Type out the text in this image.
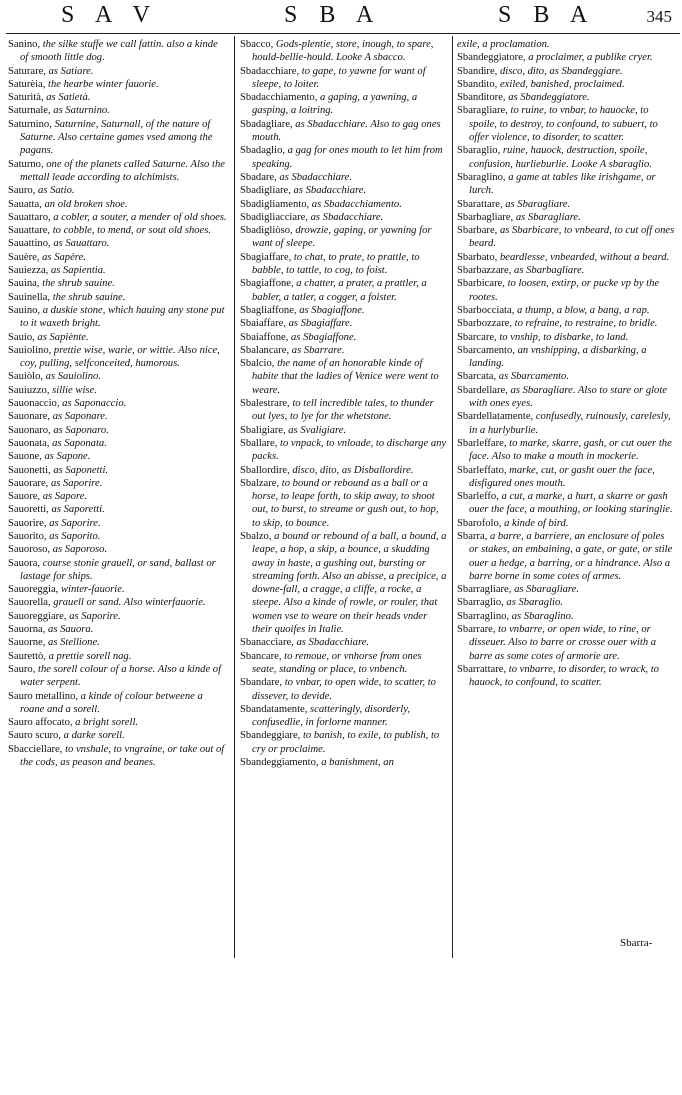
S A V	S B A	S B A	345
Sanino, the silke stuffe we call fattin. also a kinde of smooth little dog.
Saturare, as Satiare.
Saturèia, the hearbe winter fauorie.
Saturità, as Satietà.
Saturnale, as Saturnino.
Saturnino, Saturnine, Saturnall, of the nature of Saturne. Also certaine games vsed among the pagans.
Saturno, one of the planets called Saturne. Also the mettall leade according to alchimists.
Sauro, as Satio.
Sauatta, an old broken shoe.
Sauattaro, a cobler, a souter, a mender of old shoes.
Sauattare, to cobble, to mend, or sout old shoes.
Sauattino, as Sauattaro.
Sauère, as Sapère.
Sauiezza, as Sapientia.
Sauina, the shrub sauine.
Sauinella, the shrub sauine.
Sauino, a duskie stone, which hauing any stone put to it waxeth bright.
Sauio, as Sapiènte.
Sauiolino, prettie wise, warie, or wittie. Also nice, coy, pulling, selfconceited, humorous.
Sauiòlo, as Sauiolino.
Sauiuzzo, sillie wise.
Sauonaccio, as Saponaccio.
Sauonare, as Saponare.
Sauonaro, as Saponaro.
Sauonata, as Saponata.
Sauone, as Sapone.
Sauonetti, as Saponetti.
Sauorare, as Saporire.
Sauore, as Sapore.
Sauoretti, as Saporetti.
Sauorire, as Saporire.
Sauorito, as Saporito.
Sauoroso, as Saporoso.
Sauora, course stonie grauell, or sand, ballast or lastage for ships.
Sauoreggia, winter-fauorie.
Sauorella, grauell or sand. Also winterfauorie.
Sauoreggiare, as Saporire.
Sauorna, as Sauora.
Sauorne, as Stellione.
Saurettò, a prettie sorell nag.
Sauro, the sorell colour of a horse. Also a kinde of water serpent.
Sauro metallino, a kinde of colour betweene a roane and a sorell.
Sauro affocato, a bright sorell.
Sauro scuro, a darke sorell.
Sbacciellare, to vnshale, to vngraine, or take out of the cods, as peason and beanes.
Sbacco, Gods-plentie, store, inough, to spare, hould-bellie-hould. Looke A sbacco.
Sbadacchiare, to gape, to yawne for want of sleepe, to loiter.
Sbadacchiamento, a gaping, a yawning, a gasping, a loitring.
Sbadagliare, as Sbadacchiare. Also to gag ones mouth.
Sbadaglio, a gag for ones mouth to let him from speaking.
Sbadare, as Sbadacchiare.
Sbadigliare, as Sbadacchiare.
Sbadigliamento, as Sbadacchiamento.
Sbadigliacciare, as Sbadacchiare.
Sbadigliòso, drowzie, gaping, or yawning for want of sleepe.
Sbagiaffare, to chat, to prate, to prattle, to babble, to tattle, to cog, to foist.
Sbagiaffone, a chatter, a prater, a prattler, a babler, a tatler, a cogger, a foister.
Sbagliaffone, as Sbagiaffone.
Sbaiaffare, as Sbagiaffare.
Sbaiaffone, as Sbagiaffone.
Sbalancare, as Sbarrare.
Sbalcio, the name of an honorable kinde of habite that the ladies of Venice were went to weare.
Sbalestrare, to tell incredible tales, to thunder out lyes, to lye for the whetstone.
Sbaligiare, as Svaligiare.
Sballare, to vnpack, to vnloade, to discharge any packs.
Sballordire, disco, dito, as Disballordire.
Sbalzare, to bound or rebound as a ball or a horse, to leape forth, to skip away, to shoot out, to burst, to streame or gush out, to hop, to skip, to bounce.
Sbalzo, a bound or rebound of a ball, a bound, a leape, a hop, a skip, a bounce, a skudding away in haste, a gushing out, bursting or streaming forth. Also an abisse, a precipice, a downe-fall, a cragge, a cliffe, a rocke, a steepe. Also a kinde of rowle, or rouler, that women vse to weare on their heads vnder their quoifes in Italie.
Sbanacciare, as Sbadacchiare.
Sbancare, to remoue, or vnhorse from ones seate, standing or place, to vnbench.
Sbandare, to vnbar, to open wide, to scatter, to dissever, to devide.
Sbandatamente, scatteringly, disorderly, confusedlie, in forlorne manner.
Sbandeggiare, to banish, to exile, to publish, to cry or proclaime.
Sbandeggiamento, a banishment, an
exile, a proclamation.
Sbandeggiatore, a proclaimer, a publike cryer.
Sbandire, disco, dito, as Sbandeggiare.
Sbandito, exiled, banished, proclaimed.
Sbanditore, as Sbandeggiatore.
Sbaragliare, to ruine, to vnbar, to hauocke, to spoile, to destroy, to confound, to subuert, to offer violence, to disorder, to scatter.
Sbaraglio, ruine, hauock, destruction, spoile, confusion, hurlieburlie. Looke A sbaraglio.
Sbaraglino, a game at tables like irishgame, or lurch.
Sbarattare, as Sbaragliare.
Sbarbagliare, as Sbaragliare.
Sbarbare, as Sbarbicare, to vnbeard, to cut off ones beard.
Sbarbato, beardlesse, vnbearded, without a beard.
Sbarbazzare, as Sbarbagliare.
Sbarbicare, to loosen, extirp, or pucke vp by the rootes.
Sbarbocciata, a thump, a blow, a bang, a rap.
Sbarbozzare, to refraine, to restraine, to bridle.
Sbarcare, to vnship, to disbarke, to land.
Sbarcamento, an vnshipping, a disbarking, a landing.
Sbarcata, as Sbarcamento.
Sbardellare, as Sbaragliare. Also to stare or glote with ones eyes.
Sbardellatamente, confusedly, ruinously, carelesly, in a hurlyburlie.
Sbarleffare, to marke, skarre, gash, or cut ouer the face. Also to make a mouth in mockerie.
Sbarleffato, marke, cut, or gasht ouer the face, disfigured ones mouth.
Sbarleffo, a cut, a marke, a hurt, a skarre or gash ouer the face, a mouthing, or looking staringlie.
Sbarofolo, a kinde of bird.
Sbarra, a barre, a barriere, an enclosure of poles or stakes, an embaining, a gate, or gate, or stile ouer a hedge, a barring, or a hindrance. Also a barre borne in some cotes of armes.
Sbarragliare, as Sbaragliare.
Sbarraglio, as Sbaraglio.
Sbarraglino, as Sbaraglino.
Sbarrare, to vnbarre, or open wide, to rine, or disseuer. Also to barre or crosse ouer with a barre as some cotes of armorie are.
Sbarrattare, to vnbarre, to disorder, to wrack, to hauock, to confound, to scatter.
Sbarra-
